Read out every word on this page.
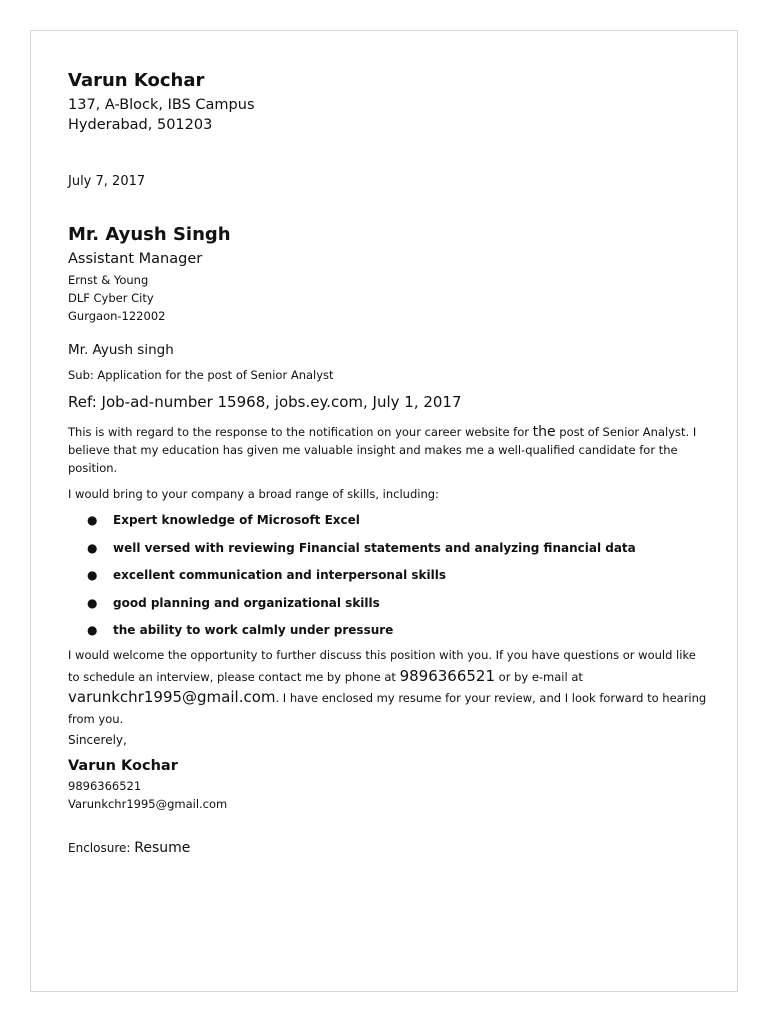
Varun Kochar
137, A-Block, IBS Campus
Hyderabad, 501203
July 7, 2017
Mr. Ayush Singh
Assistant Manager
Ernst & Young
DLF Cyber City
Gurgaon-122002
Mr. Ayush singh
Sub: Application for the post of Senior Analyst
Ref: Job-ad-number 15968, jobs.ey.com, July 1, 2017
This is with regard to the response to the notification on your career website for the post of Senior Analyst. I believe that my education has given me valuable insight and makes me a well-qualified candidate for the position.
I would bring to your company a broad range of skills, including:
● Expert knowledge of Microsoft Excel
● well versed with reviewing Financial statements and analyzing financial data
● excellent communication and interpersonal skills
● good planning and organizational skills
● the ability to work calmly under pressure
I would welcome the opportunity to further discuss this position with you. If you have questions or would like to schedule an interview, please contact me by phone at 9896366521 or by e-mail at varunkchr1995@gmail.com. I have enclosed my resume for your review, and I look forward to hearing from you.
Sincerely,
Varun Kochar
9896366521
Varunkchr1995@gmail.com
Enclosure: Resume
